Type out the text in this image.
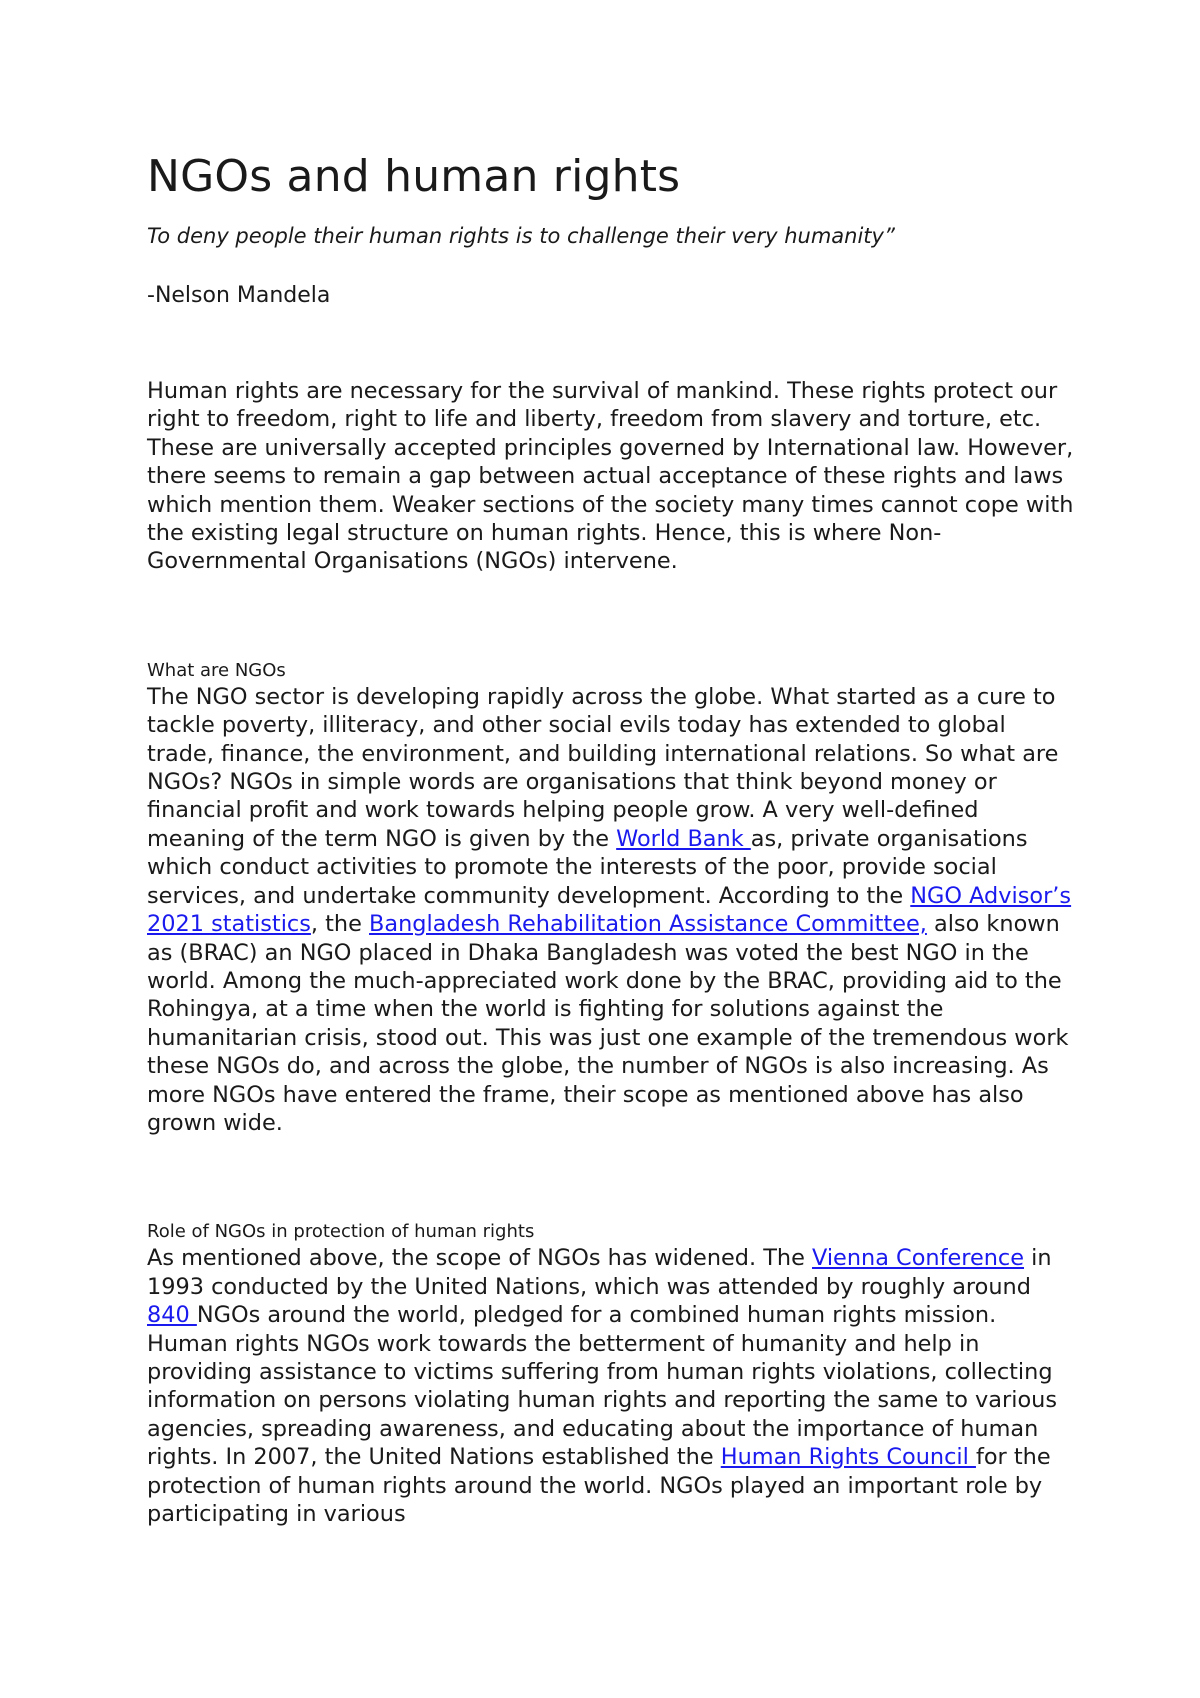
NGOs and human rights

To deny people their human rights is to challenge their very humanity”

-Nelson Mandela

Human rights are necessary for the survival of mankind. These rights protect our right to freedom, right to life and liberty, freedom from slavery and torture, etc. These are universally accepted principles governed by International law. However, there seems to remain a gap between actual acceptance of these rights and laws which mention them. Weaker sections of the society many times cannot cope with the existing legal structure on human rights. Hence, this is where Non-Governmental Organisations (NGOs) intervene.

What are NGOs

The NGO sector is developing rapidly across the globe. What started as a cure to tackle poverty, illiteracy, and other social evils today has extended to global trade, finance, the environment, and building international relations. So what are NGOs? NGOs in simple words are organisations that think beyond money or financial profit and work towards helping people grow. A very well-defined meaning of the term NGO is given by the World Bank as, private organisations which conduct activities to promote the interests of the poor, provide social services, and undertake community development. According to the NGO Advisor’s 2021 statistics, the Bangladesh Rehabilitation Assistance Committee, also known as (BRAC) an NGO placed in Dhaka Bangladesh was voted the best NGO in the world. Among the much-appreciated work done by the BRAC, providing aid to the Rohingya, at a time when the world is fighting for solutions against the humanitarian crisis, stood out. This was just one example of the tremendous work these NGOs do, and across the globe, the number of NGOs is also increasing. As more NGOs have entered the frame, their scope as mentioned above has also grown wide.

Role of NGOs in protection of human rights

As mentioned above, the scope of NGOs has widened. The Vienna Conference in 1993 conducted by the United Nations, which was attended by roughly around 840 NGOs around the world, pledged for a combined human rights mission. Human rights NGOs work towards the betterment of humanity and help in providing assistance to victims suffering from human rights violations, collecting information on persons violating human rights and reporting the same to various agencies, spreading awareness, and educating about the importance of human rights. In 2007, the United Nations established the Human Rights Council for the protection of human rights around the world. NGOs played an important role by participating in various
